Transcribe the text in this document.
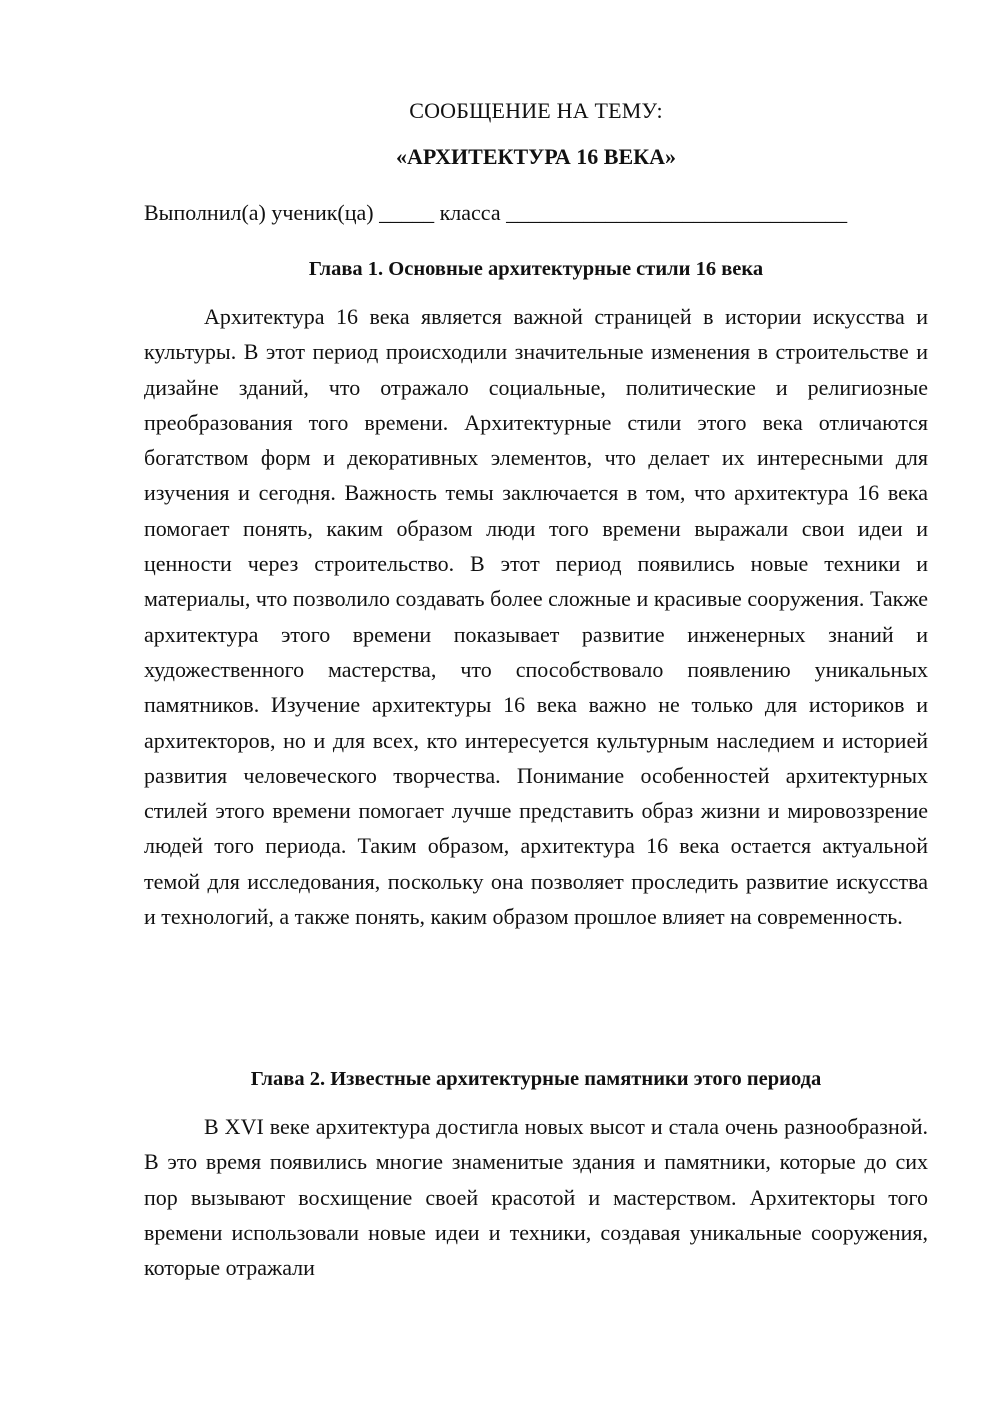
СООБЩЕНИЕ НА ТЕМУ:
«АРХИТЕКТУРА 16 ВЕКА»
Выполнил(а) ученик(ца) _____ класса _______________________________
Глава 1. Основные архитектурные стили 16 века
Архитектура 16 века является важной страницей в истории искусства и культуры. В этот период происходили значительные изменения в строительстве и дизайне зданий, что отражало социальные, политические и религиозные преобразования того времени. Архитектурные стили этого века отличаются богатством форм и декоративных элементов, что делает их интересными для изучения и сегодня. Важность темы заключается в том, что архитектура 16 века помогает понять, каким образом люди того времени выражали свои идеи и ценности через строительство. В этот период появились новые техники и материалы, что позволило создавать более сложные и красивые сооружения. Также архитектура этого времени показывает развитие инженерных знаний и художественного мастерства, что способствовало появлению уникальных памятников. Изучение архитектуры 16 века важно не только для историков и архитекторов, но и для всех, кто интересуется культурным наследием и историей развития человеческого творчества. Понимание особенностей архитектурных стилей этого времени помогает лучше представить образ жизни и мировоззрение людей того периода. Таким образом, архитектура 16 века остается актуальной темой для исследования, поскольку она позволяет проследить развитие искусства и технологий, а также понять, каким образом прошлое влияет на современность.
Глава 2. Известные архитектурные памятники этого периода
В XVI веке архитектура достигла новых высот и стала очень разнообразной. В это время появились многие знаменитые здания и памятники, которые до сих пор вызывают восхищение своей красотой и мастерством. Архитекторы того времени использовали новые идеи и техники, создавая уникальные сооружения, которые отражали
